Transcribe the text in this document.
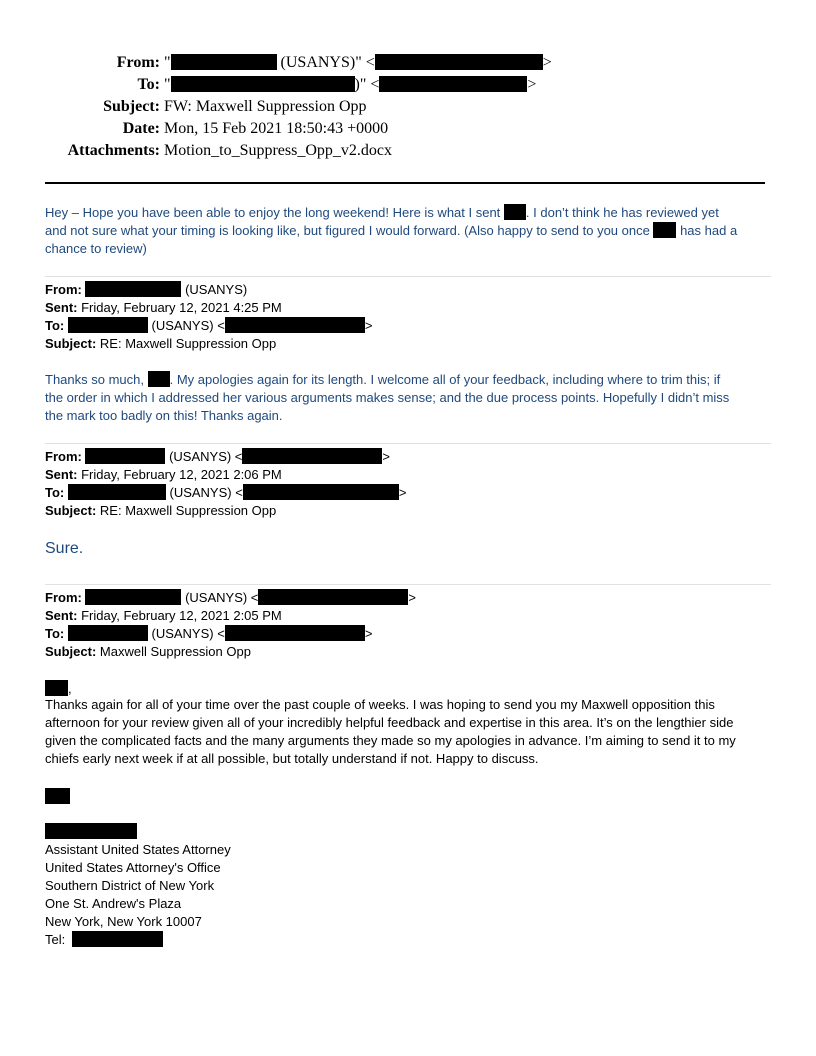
From: "	(USANYS)" <	>
To: "	)" <	>
Subject: FW: Maxwell Suppression Opp
Date: Mon, 15 Feb 2021 18:50:43 +0000
Attachments: Motion_to_Suppress_Opp_v2.docx
Hey – Hope you have been able to enjoy the long weekend! Here is what I sent . I don’t think he has reviewed yet
and not sure what your timing is looking like, but figured I would forward. (Also happy to send to you once  has had a
chance to review)
From:	(USANYS)
Sent: Friday, February 12, 2021 4:25 PM
To:	(USANYS) <	>
Subject: RE: Maxwell Suppression Opp
Thanks so much, . My apologies again for its length. I welcome all of your feedback, including where to trim this; if
the order in which I addressed her various arguments makes sense; and the due process points. Hopefully I didn’t miss
the mark too badly on this! Thanks again.
From:	(USANYS) <	>
Sent: Friday, February 12, 2021 2:06 PM
To:	(USANYS) <	>
Subject: RE: Maxwell Suppression Opp
Sure.
From:	(USANYS) <	>
Sent: Friday, February 12, 2021 2:05 PM
To:	(USANYS) <	>
Subject: Maxwell Suppression Opp
,
Thanks again for all of your time over the past couple of weeks. I was hoping to send you my Maxwell opposition this
afternoon for your review given all of your incredibly helpful feedback and expertise in this area. It’s on the lengthier side
given the complicated facts and the many arguments they made so my apologies in advance. I’m aiming to send it to my
chiefs early next week if at all possible, but totally understand if not. Happy to discuss.
Assistant United States Attorney
United States Attorney's Office
Southern District of New York
One St. Andrew's Plaza
New York, New York 10007
Tel:
